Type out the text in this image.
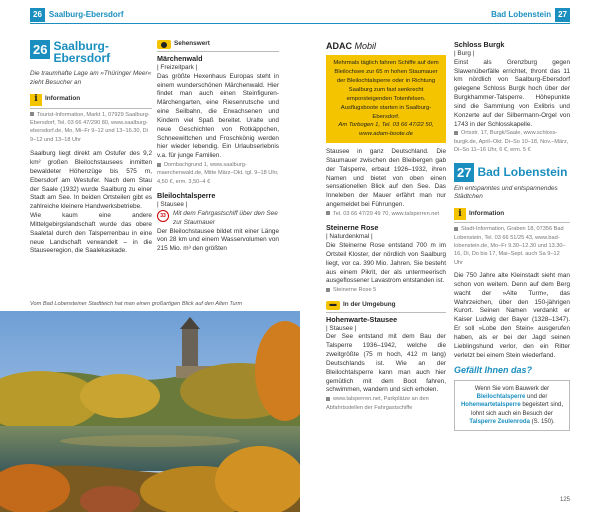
26 Saalburg-Ebersdorf	Bad Lobenstein 27
26 Saalburg-
Ebersdorf
Die traumhafte Lage am »Thüringer Meer« zieht Besucher an
i	Information
Tourist-Information, Markt 1, 07929 Saalburg-Ebersdorf, Tel. 03 66 47/290 80, www.saalburg-ebersdorf.de, Mo, Mi–Fr 9–12 und 13–16.30, Di 9–12 und 13–18 Uhr
Saalburg liegt direkt am Ostufer des 9,2 km² großen Bleilochstausees inmitten bewaldeter Höhenzüge bis 575 m, Ebersdorf am Westufer. Nach dem Stau der Saale (1932) wurde Saalburg zu einer Stadt am See. In beiden Ortsteilen gibt es zahlreiche kleinere Handwerksbetriebe.
Wie kaum eine andere Mittelgebirgslandschaft wurde das obere Saaletal durch den Talsperrenbau in eine neue Landschaft verwandelt – in die Stauseeregion, die Saalekaskade.
Sehenswert
Märchenwald
| Freizeitpark |
Das größte Hexenhaus Europas steht in einem wunderschönen Märchenwald. Hier findet man auch einen Steinfiguren-Märchengarten, eine Riesenrutsche und eine Seilbahn, die Erwachsenen und Kindern viel Spaß bereitet. Uralte und neue Geschichten von Rotkäppchen, Schneewittchen und Froschkönig werden hier wieder lebendig. Ein Urlaubserlebnis v.a. für junge Familien.
Dombachgrund 1, www.saalburg-maerchenwald.de, Mitte März–Okt. tgl. 9–18 Uhr, 4,50 €, erm. 3,50–4 €
Bleilochtalsperre
| Stausee |
33	Mit dem Fahrgastschiff über den See zur Staumauer
Der Bleilochstausee bildet mit einer Länge von 28 km und einem Wasservolumen von 215 Mio. m³ den größten
Vom Bad Lobensteiner Stadtteich hat man einen großartigen Blick auf den Alten Turm
ADAC Mobil
Mehrmals täglich fahren Schiffe auf dem Bleilochsee zur 65 m hohen Staumauer der Bleilochtalsperre oder in Richtung Saalburg zum fast senkrecht emporsteigenden Totenfelsen. Ausflugsboote starten in Saalburg-Ebersdorf.
Am Torbogen 1, Tel. 03 66 47/22 50, www.adam-boote.de
Stausee in ganz Deutschland. Die Staumauer zwischen den Bleibergen gab der Talsperre, erbaut 1926–1932, ihren Namen und bietet von oben einen sensationellen Blick auf den See. Das Inneleben der Mauer erfährt man nur angemeldet bei Führungen.
Tel. 03 66 47/29 49 70, www.talsperren.net
Steinerne Rose
| Naturdenkmal |
Die Steinerne Rose entstand 700 m im Ortsteil Kloster, der nördlich von Saalburg liegt, vor ca. 390 Mio. Jahren. Sie besteht aus einem Pikrit, der als untermeerisch ausgeflossener Lavastrom entstanden ist.
Steinerne Rose 5
▬	In der Umgebung
Hohenwarte-Stausee
| Stausee |
Der See entstand mit dem Bau der Talsperre 1936–1942, welche die zweitgrößte (75 m hoch, 412 m lang) Deutschlands ist. Wie an der Bleilochtalsperre kann man auch hier gemütlich mit dem Boot fahren, schwimmen, wandern und sich erholen.
www.talsperren.net, Parkplätze an den Abfahrtsstellen der Fahrgastschiffe
Schloss Burgk
| Burg |
Einst als Grenzburg gegen Slawenüberfälle errichtet, thront das 11 km nördlich von Saalburg-Ebersdorf gelegene Schloss Burgk hoch über der Burgkhammer-Talsperre. Höhepunkte sind die Sammlung von Exlibris und Konzerte auf der Silbermann-Orgel von 1743 in der Schlosskapelle.
Ortsstr. 17, Burgk/Saale, www.schloss-burgk.de, April–Okt. Di–So 10–18, Nov.–März, Di–So 11–16 Uhr, 6 €, erm. 5 €
27 Bad Lobenstein
Ein entspanntes und entspannendes Städtchen
i	Information
Stadt-Information, Graben 18, 07356 Bad Lobenstein, Tel. 03 66 51/25 43, www.bad-lobenstein.de, Mo–Fr 9.30–12.30 und 13.30–16, Di, Do bis 17, Mai–Sept. auch Sa 9–12 Uhr
Die 750 Jahre alte Kleinstadt sieht man schon von weitem. Denn auf dem Berg wacht der »Alte Turm«, das Wahrzeichen, über den 150-jährigen Kurort. Seinen Namen verdankt er Kaiser Ludwig der Bayer (1328–1347). Er soll »Lobe den Stein« ausgerufen haben, als er bei der Jagd seinen Lieblingshund verlor, den ein Ritter verletzt bei einem Stein wiederfand.
Gefällt Ihnen das?
Wenn Sie vom Bauwerk der Bleilochtalsperre und der Hohenwartetalsperre begeistert sind, lohnt sich auch ein Besuch der Talsperre Zeulenroda (S. 150).
125
